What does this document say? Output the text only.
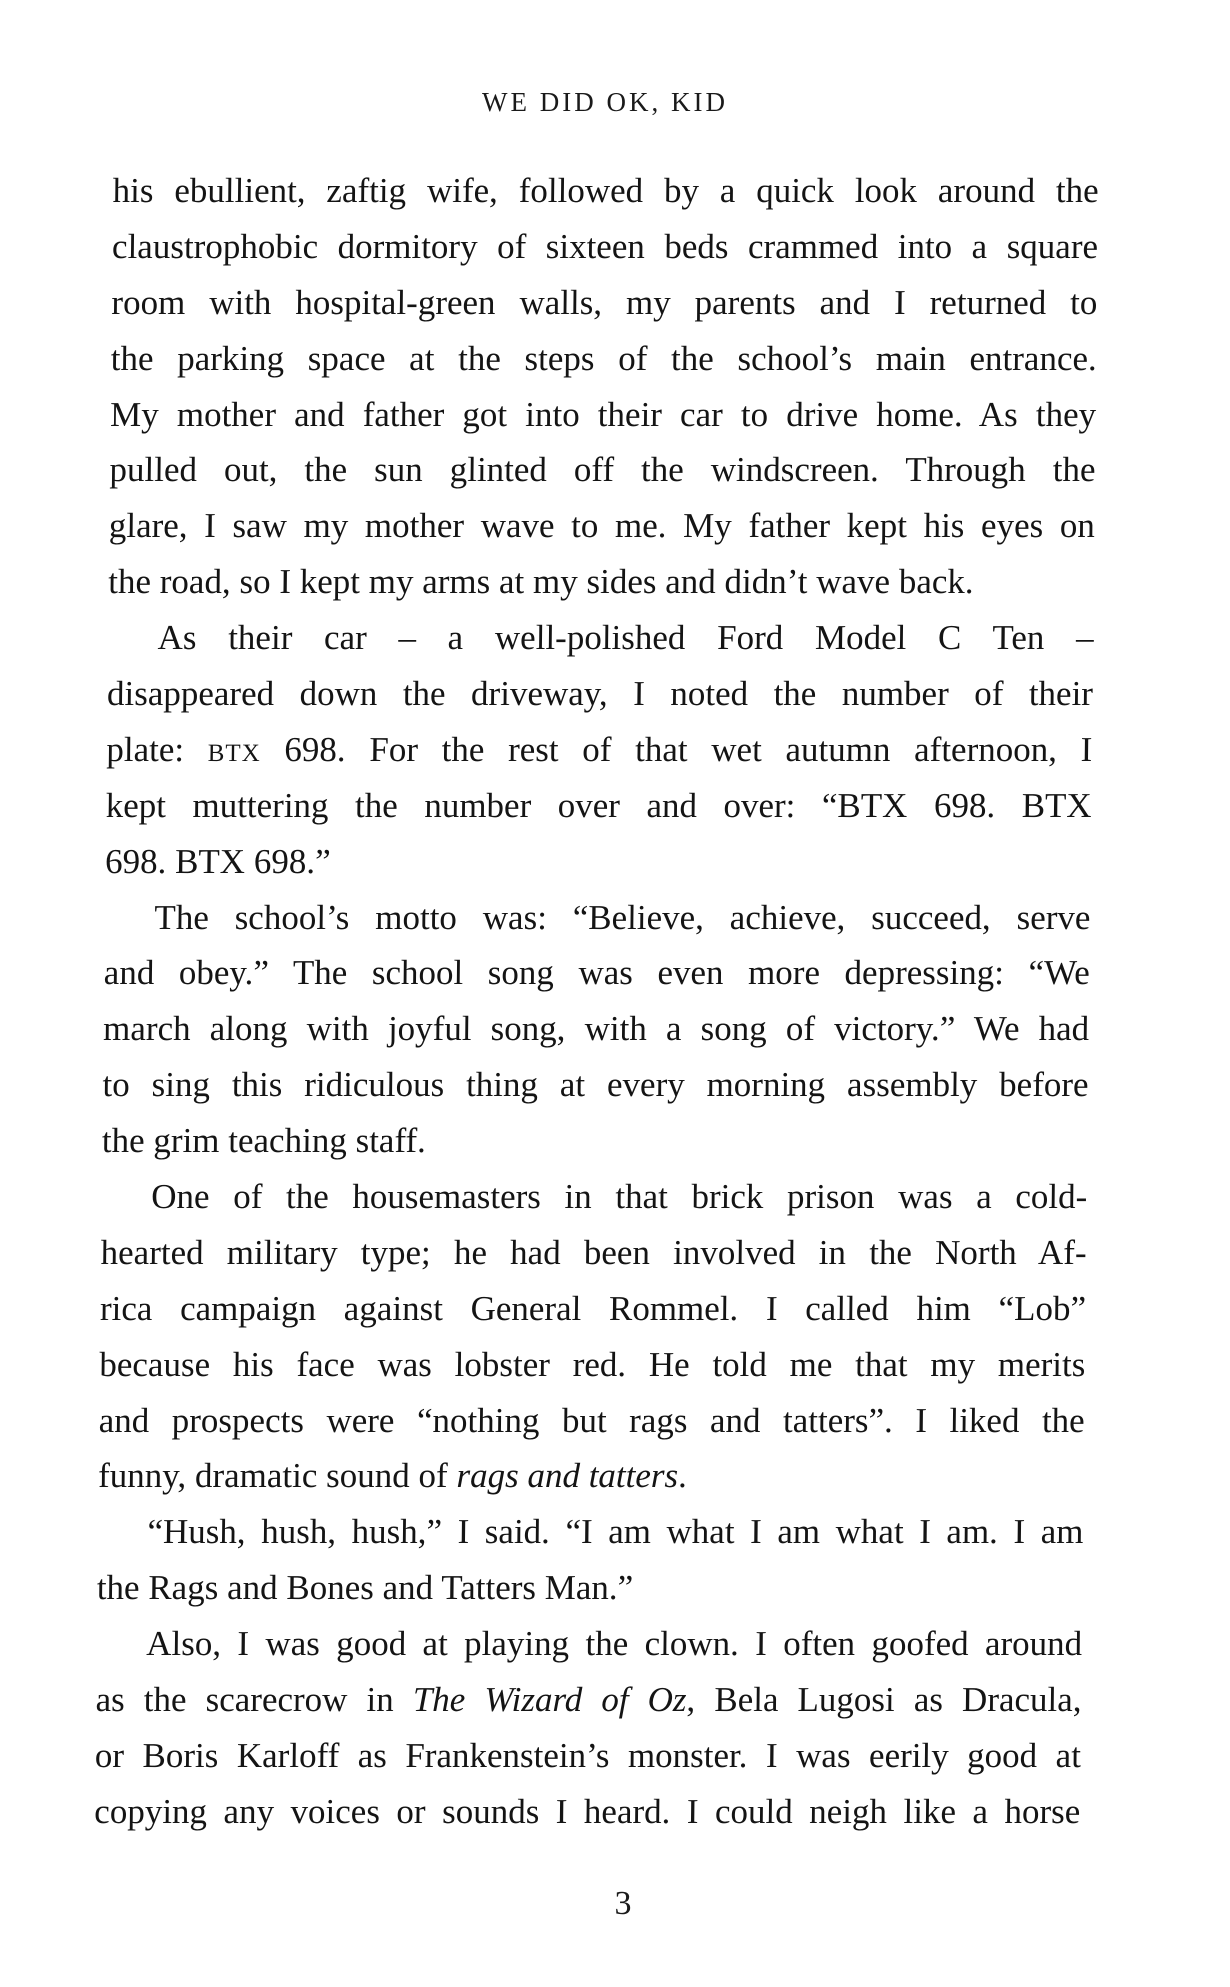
WE DID OK, KID
his ebullient, zaftig wife, followed by a quick look around the
claustrophobic dormitory of sixteen beds crammed into a square
room with hospital-green walls, my parents and I returned to
the parking space at the steps of the school’s main entrance.
My mother and father got into their car to drive home. As they
pulled out, the sun glinted off the windscreen. Through the
glare, I saw my mother wave to me. My father kept his eyes on
the road, so I kept my arms at my sides and didn’t wave back.
As their car – a well-polished Ford Model C Ten –
disappeared down the driveway, I noted the number of their
plate: btx 698. For the rest of that wet autumn afternoon, I
kept muttering the number over and over: “BTX 698. BTX
698. BTX 698.”
The school’s motto was: “Believe, achieve, succeed, serve
and obey.” The school song was even more depressing: “We
march along with joyful song, with a song of victory.” We had
to sing this ridiculous thing at every morning assembly before
the grim teaching staff.
One of the housemasters in that brick prison was a cold-
hearted military type; he had been involved in the North Af-
rica campaign against General Rommel. I called him “Lob”
because his face was lobster red. He told me that my merits
and prospects were “nothing but rags and tatters”. I liked the
funny, dramatic sound of rags and tatters.
“Hush, hush, hush,” I said. “I am what I am what I am. I am
the Rags and Bones and Tatters Man.”
Also, I was good at playing the clown. I often goofed around
as the scarecrow in The Wizard of Oz, Bela Lugosi as Dracula,
or Boris Karloff as Frankenstein’s monster. I was eerily good at
copying any voices or sounds I heard. I could neigh like a horse
3
